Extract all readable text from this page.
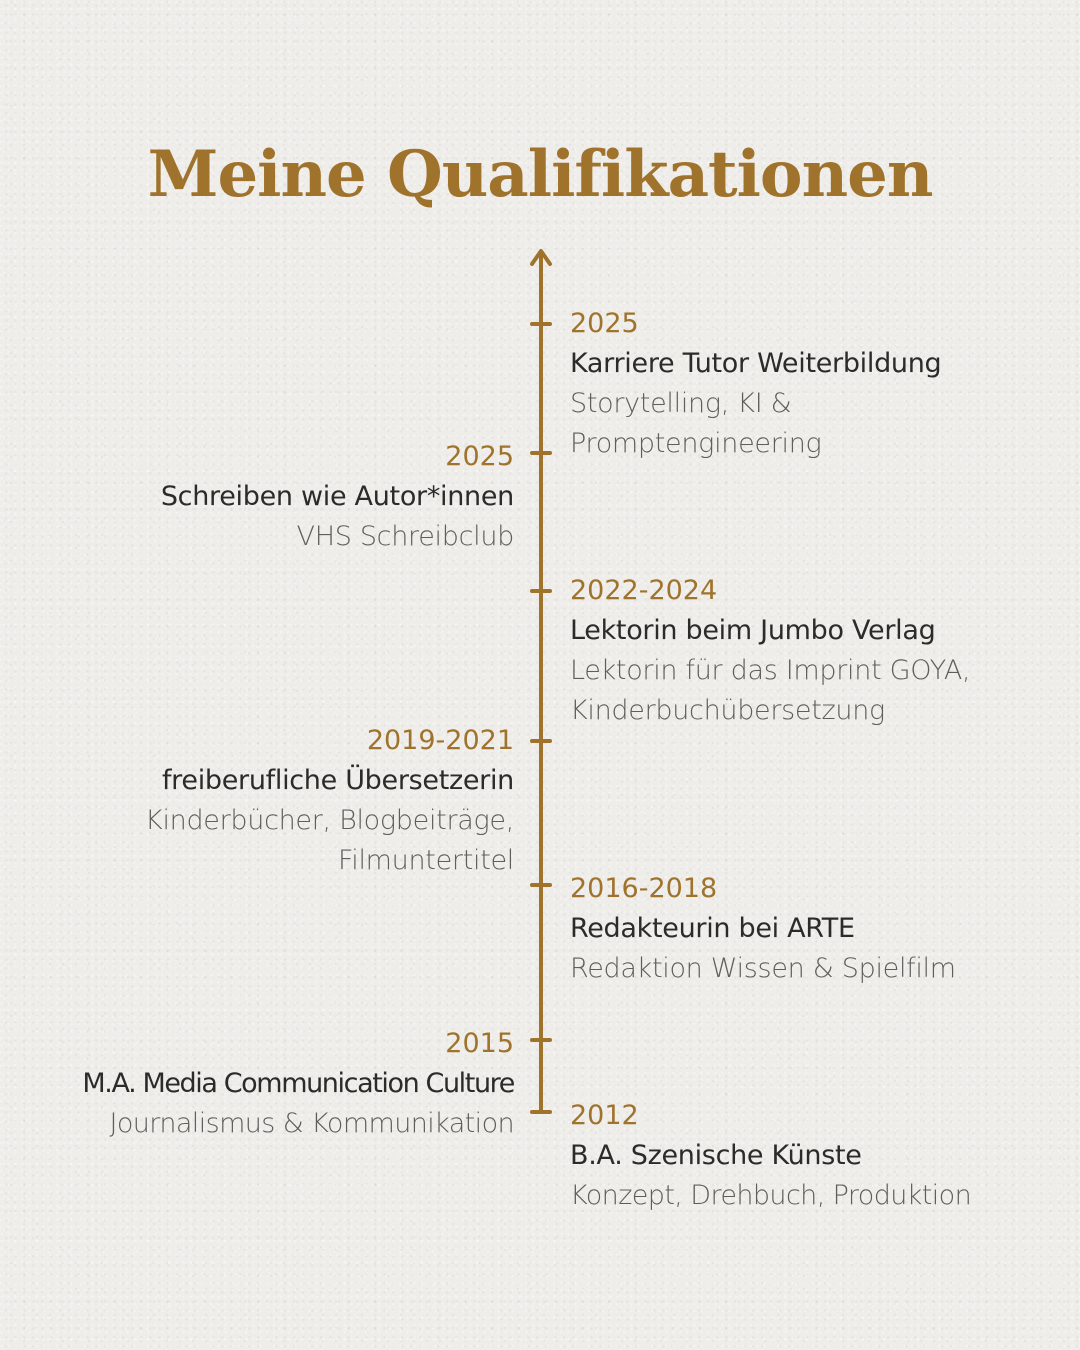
Meine Qualifikationen
2025
Karriere Tutor Weiterbildung
Storytelling, KI &
Promptengineering
2022-2024
Lektorin beim Jumbo Verlag
Lektorin für das Imprint GOYA,
Kinderbuchübersetzung
2016-2018
Redakteurin bei ARTE
Redaktion Wissen & Spielfilm
2012
B.A. Szenische Künste
Konzept, Drehbuch, Produktion
2025
Schreiben wie Autor*innen
VHS Schreibclub
2019-2021
freiberufliche Übersetzerin
Kinderbücher, Blogbeiträge,
Filmuntertitel
2015
M.A. Media Communication Culture
Journalismus & Kommunikation
